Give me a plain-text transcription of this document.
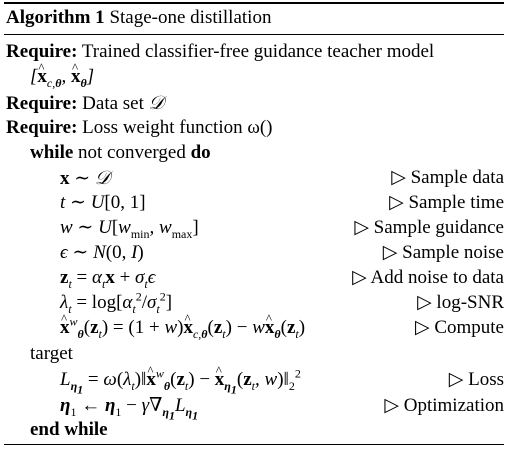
Algorithm 1 Stage-one distillation
Require: Trained classifier-free guidance teacher model
[^ $x_{c,\theta}$, ^ $x_\theta$]
Require: Data set 𝒟
Require: Loss weight function ω()
while not converged do
x ∼ 𝒟	▷ Sample data
t ∼ U[0, 1]	▷ Sample time
w ∼ $U[w_{min}$, $w_{max}$]	▷ Sample guidance
ϵ ∼ N(0, I)	▷ Sample noise
$z_t = \alpha_tx + \sigma_t\epsilon$	▷ Add noise to data
$\lambda_t = \log[\alpha_t^2/\sigma_t^2]$	▷ log-SNR
^ $x^w_\theta(z_t) = (1$ + w)^ $x_{c,\theta}(z_t)$ − w^ $x_\theta(z_t)$	▷ Compute
target
$L_{\eta_1}$ = $\omega(\lambda_t)‖\^{}$ $x^w_\theta(z_t)$ − ^ $x_{\eta_1}(z_t$, $w)‖_2^2$	▷ Loss
$\eta_1$ ← $\eta_1 - \gamma\nabla_{\eta_1}L_{\eta_1}$	▷ Optimization
end while
